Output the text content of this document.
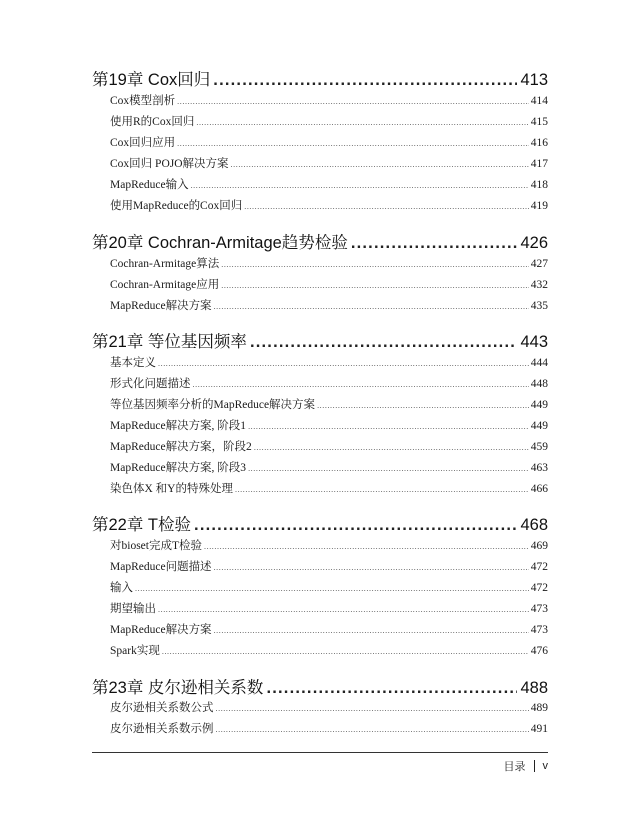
第19章 Cox回归 .....	413
Cox模型剖析 .....	414
使用R的Cox回归 .....	415
Cox回归应用 .....	416
Cox回归 POJO解决方案 .....	417
MapReduce输入 .....	418
使用MapReduce的Cox回归 .....	419
第20章 Cochran-Armitage趋势检验 .....	426
Cochran-Armitage算法 .....	427
Cochran-Armitage应用 .....	432
MapReduce解决方案 .....	435
第21章 等位基因频率 .....	443
基本定义 .....	444
形式化问题描述 .....	448
等位基因频率分析的MapReduce解决方案 .....	449
MapReduce解决方案, 阶段1 .....	449
MapReduce解决方案，阶段2 .....	459
MapReduce解决方案, 阶段3 .....	463
染色体X 和Y的特殊处理 .....	466
第22章 T检验 .....	468
对bioset完成T检验 .....	469
MapReduce问题描述 .....	472
输入 .....	472
期望输出 .....	473
MapReduce解决方案 .....	473
Spark实现 .....	476
第23章 皮尔逊相关系数 .....	488
皮尔逊相关系数公式 .....	489
皮尔逊相关系数示例 .....	491
目录 v
